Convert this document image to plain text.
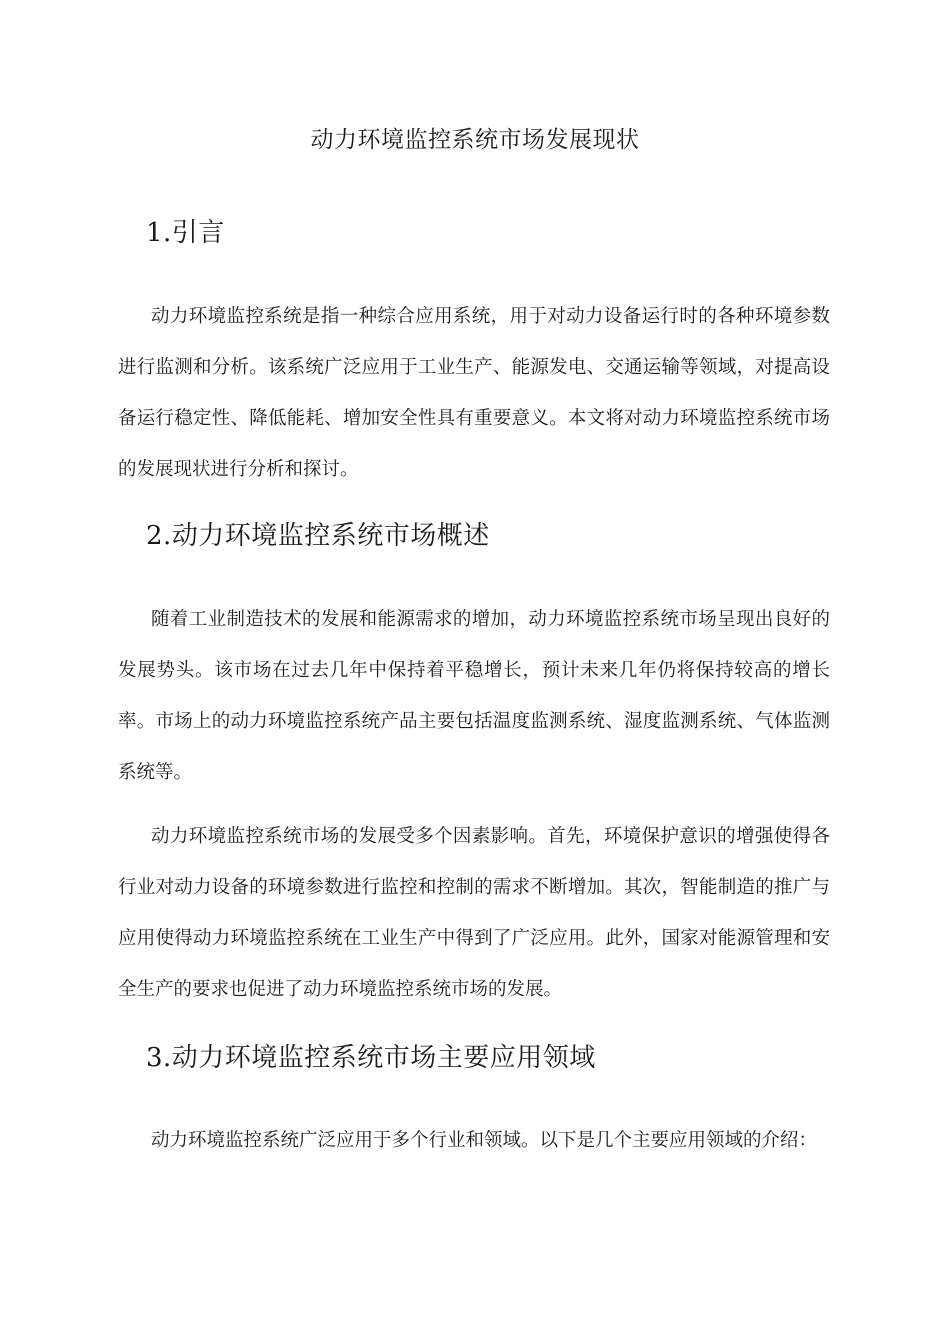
动力环境监控系统市场发展现状
1.引言

动力环境监控系统是指一种综合应用系统，用于对动力设备运行时的各种环境参数进行监测和分析。该系统广泛应用于工业生产、能源发电、交通运输等领域，对提高设备运行稳定性、降低能耗、增加安全性具有重要意义。本文将对动力环境监控系统市场的发展现状进行分析和探讨。

2.动力环境监控系统市场概述

随着工业制造技术的发展和能源需求的增加，动力环境监控系统市场呈现出良好的发展势头。该市场在过去几年中保持着平稳增长，预计未来几年仍将保持较高的增长率。市场上的动力环境监控系统产品主要包括温度监测系统、湿度监测系统、气体监测系统等。

动力环境监控系统市场的发展受多个因素影响。首先，环境保护意识的增强使得各行业对动力设备的环境参数进行监控和控制的需求不断增加。其次，智能制造的推广与应用使得动力环境监控系统在工业生产中得到了广泛应用。此外，国家对能源管理和安全生产的要求也促进了动力环境监控系统市场的发展。

3.动力环境监控系统市场主要应用领域

动力环境监控系统广泛应用于多个行业和领域。以下是几个主要应用领域的介绍：
